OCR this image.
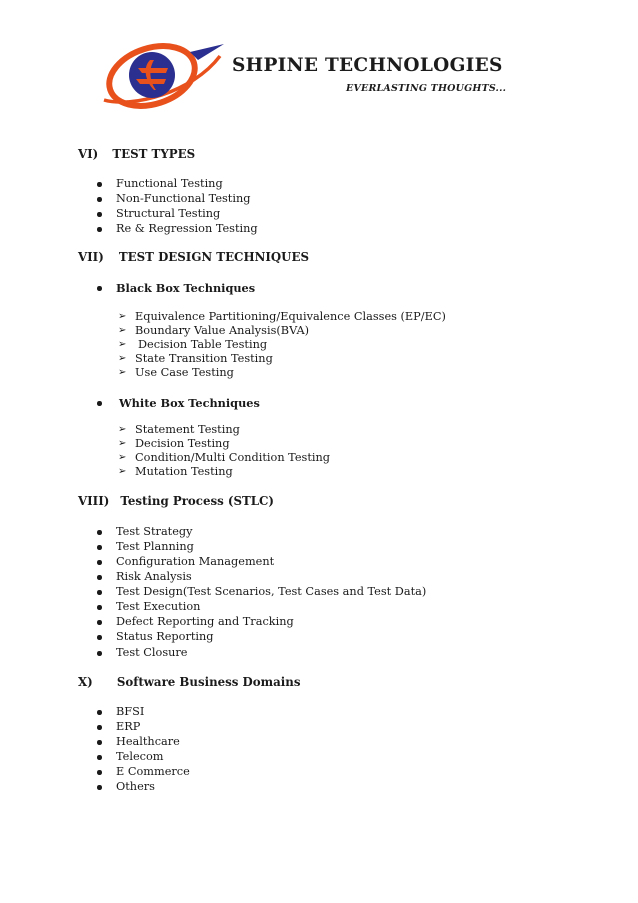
SHPINE TECHNOLOGIES
EVERLASTING THOUGHTS...
VI) TEST TYPES
Functional Testing
Non-Functional Testing
Structural Testing
Re & Regression Testing
VII) TEST DESIGN TECHNIQUES
Black Box Techniques
➢ Equivalence Partitioning/Equivalence Classes (EP/EC)
➢ Boundary Value Analysis(BVA)
➢ Decision Table Testing
➢ State Transition Testing
➢ Use Case Testing
White Box Techniques
➢ Statement Testing
➢ Decision Testing
➢ Condition/Multi Condition Testing
➢ Mutation Testing
VIII) Testing Process (STLC)
Test Strategy
Test Planning
Configuration Management
Risk Analysis
Test Design(Test Scenarios, Test Cases and Test Data)
Test Execution
Defect Reporting and Tracking
Status Reporting
Test Closure
X) Software Business Domains
BFSI
ERP
Healthcare
Telecom
E Commerce
Others
